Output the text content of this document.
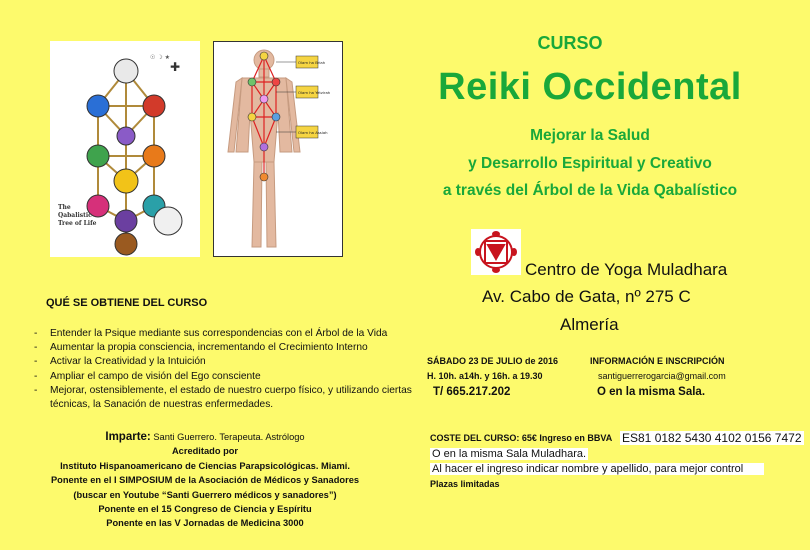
✚
☉ ☽ ★
The
Qabalistic
Tree of Life
Olam ha Briah
Olam ha Yetzirah
Olam ha Assiah
CURSO
Reiki Occidental
Mejorar la Salud
y Desarrollo Espiritual y Creativo
a través del Árbol de la Vida Qabalístico
Centro de Yoga Muladhara
Av. Cabo de Gata, nº 275 C
Almería
QUÉ SE OBTIENE DEL CURSO
- Entender la Psique mediante sus correspondencias con el Árbol de la Vida
- Aumentar la propia consciencia, incrementando el Crecimiento Interno
- Activar la Creatividad y la Intuición
- Ampliar el campo de visión del Ego consciente
- Mejorar, ostensiblemente, el estado de nuestro cuerpo físico, y utilizando ciertas técnicas, la Sanación de nuestras enfermedades.
Imparte: Santi Guerrero. Terapeuta. Astrólogo
Acreditado por
Instituto Hispanoamericano de Ciencias Parapsicológicas. Miami.
Ponente en el I SIMPOSIUM de la Asociación de Médicos y Sanadores
(buscar en Youtube “Santi Guerrero médicos y sanadores”)
Ponente en el 15 Congreso de Ciencia y Espíritu
Ponente en las V Jornadas de Medicina 3000
SÁBADO 23 DE JULIO de 2016
H. 10h. a14h. y 16h. a 19.30
T/ 665.217.202
INFORMACIÓN E INSCRIPCIÓN
santiguerrerogarcia@gmail.com
O en la misma Sala.
COSTE DEL CURSO: 65€ Ingreso en BBVA ES81 0182 5430 4102 0156 7472
O en la misma Sala Muladhara.
Al hacer el ingreso indicar nombre y apellido, para mejor control
Plazas limitadas
